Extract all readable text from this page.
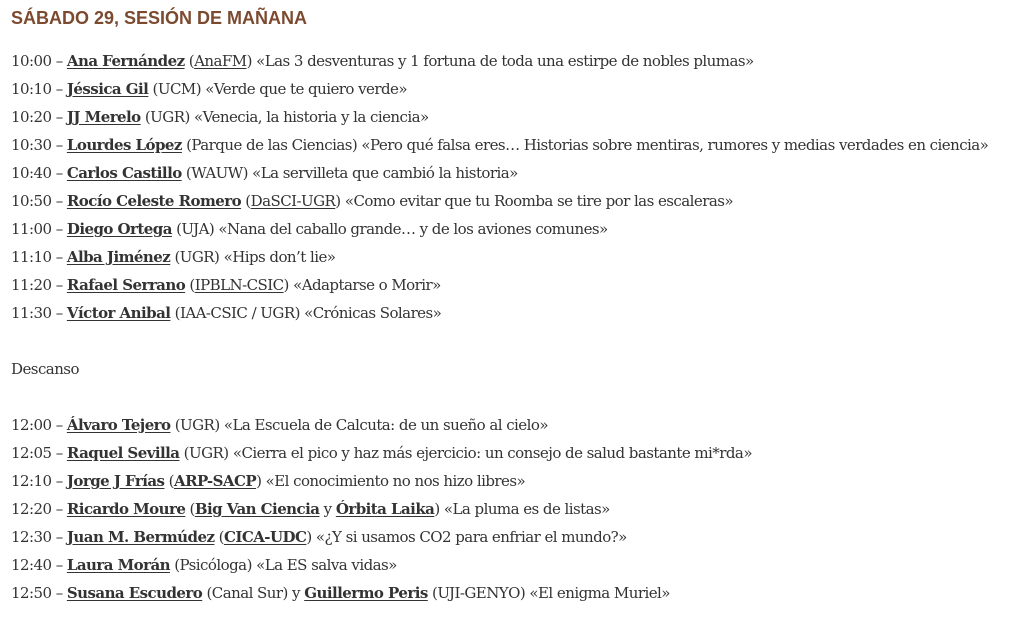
SÁBADO 29, SESIÓN DE MAÑANA
10:00 – Ana Fernández (AnaFM) «Las 3 desventuras y 1 fortuna de toda una estirpe de nobles plumas»
10:10 – Jéssica Gil (UCM) «Verde que te quiero verde»
10:20 – JJ Merelo (UGR) «Venecia, la historia y la ciencia»
10:30 – Lourdes López (Parque de las Ciencias) «Pero qué falsa eres… Historias sobre mentiras, rumores y medias verdades en ciencia»
10:40 – Carlos Castillo (WAUW) «La servilleta que cambió la historia»
10:50 – Rocío Celeste Romero (DaSCI-UGR) «Como evitar que tu Roomba se tire por las escaleras»
11:00 – Diego Ortega (UJA) «Nana del caballo grande… y de los aviones comunes»
11:10 – Alba Jiménez (UGR) «Hips don’t lie»
11:20 – Rafael Serrano (IPBLN-CSIC) «Adaptarse o Morir»
11:30 – Víctor Anibal (IAA-CSIC / UGR) «Crónicas Solares»
Descanso
12:00 – Álvaro Tejero (UGR) «La Escuela de Calcuta: de un sueño al cielo»
12:05 – Raquel Sevilla (UGR) «Cierra el pico y haz más ejercicio: un consejo de salud bastante mi*rda»
12:10 – Jorge J Frías (ARP-SACP) «El conocimiento no nos hizo libres»
12:20 – Ricardo Moure (Big Van Ciencia y Órbita Laika) «La pluma es de listas»
12:30 – Juan M. Bermúdez (CICA-UDC) «¿Y si usamos CO2 para enfriar el mundo?»
12:40 – Laura Morán (Psicóloga) «La ES salva vidas»
12:50 – Susana Escudero (Canal Sur) y Guillermo Peris (UJI-GENYO) «El enigma Muriel»
